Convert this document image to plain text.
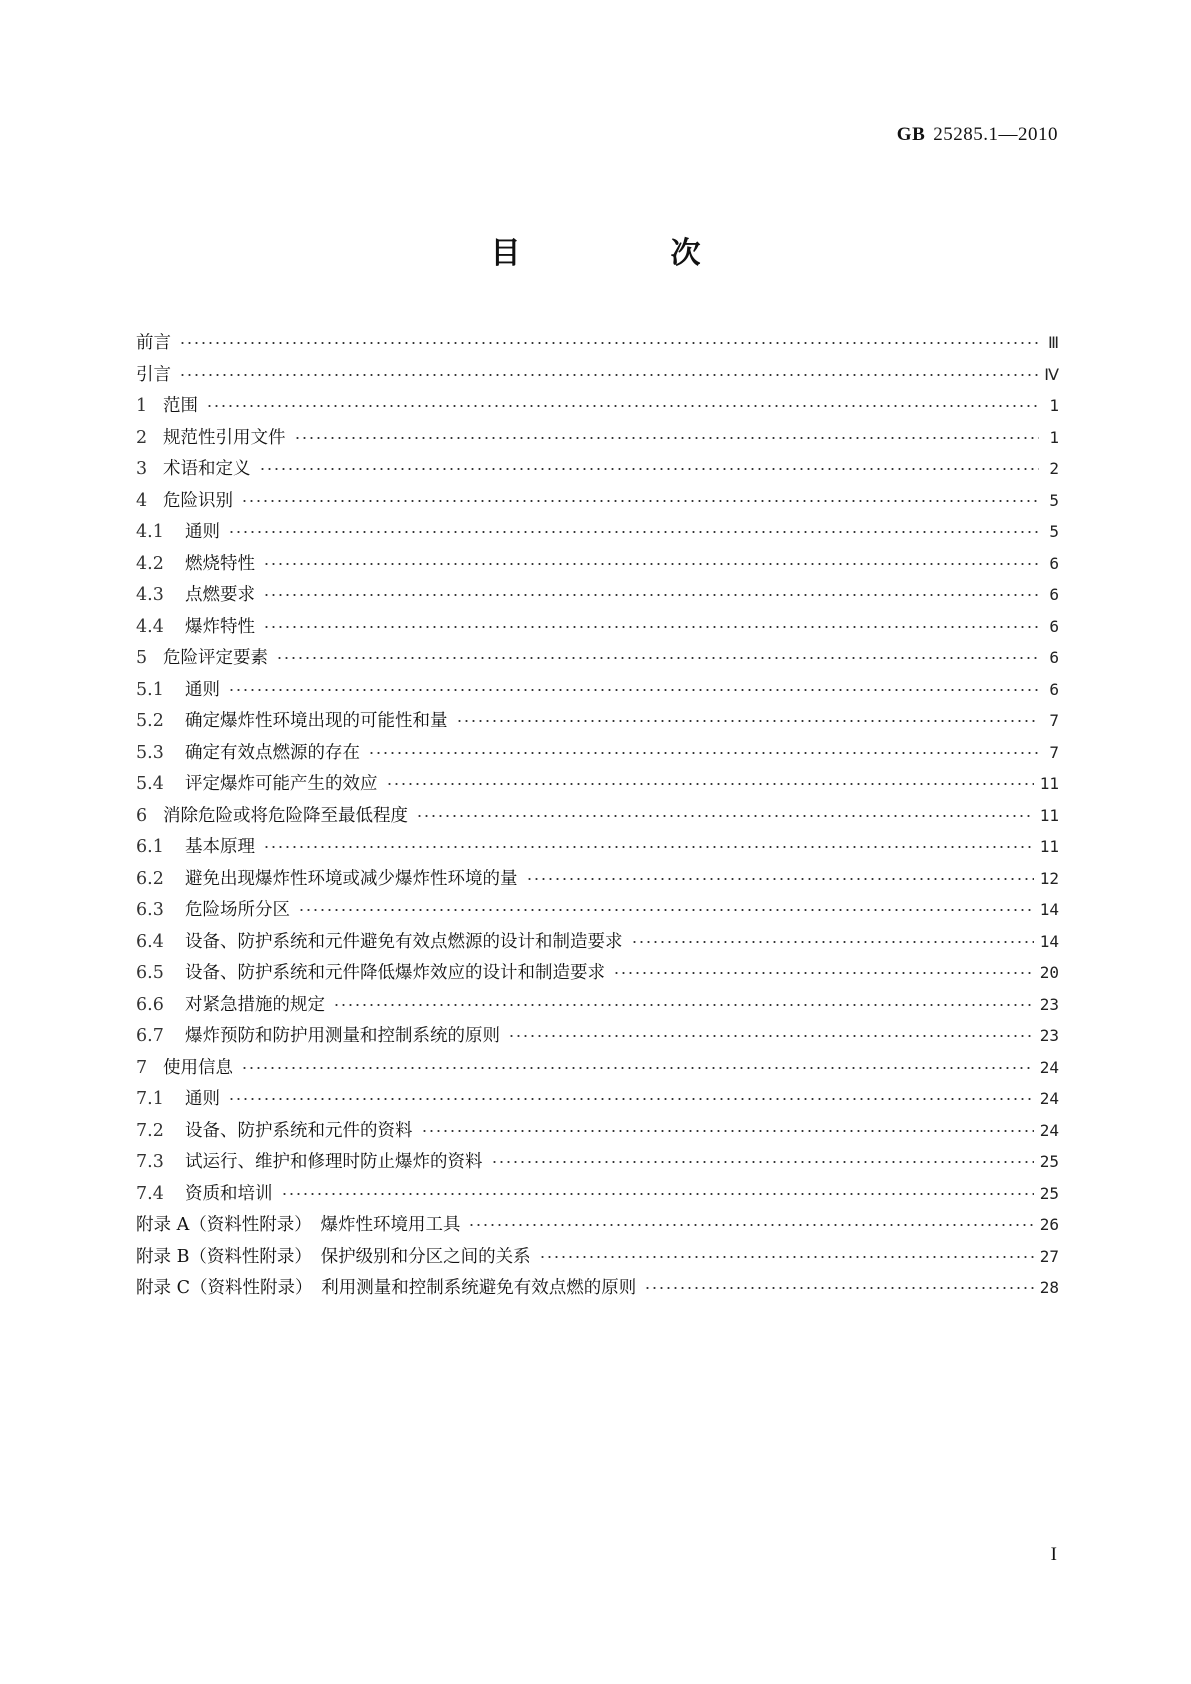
GB 25285.1—2010
目　次
前言	Ⅲ
引言	Ⅳ
1 范围	1
2 规范性引用文件	1
3 术语和定义	2
4 危险识别	5
4.1	通则	5
4.2	燃烧特性	6
4.3	点燃要求	6
4.4	爆炸特性	6
5 危险评定要素	6
5.1	通则	6
5.2	确定爆炸性环境出现的可能性和量	7
5.3	确定有效点燃源的存在	7
5.4	评定爆炸可能产生的效应	11
6 消除危险或将危险降至最低程度	11
6.1	基本原理	11
6.2	避免出现爆炸性环境或减少爆炸性环境的量	12
6.3	危险场所分区	14
6.4	设备、防护系统和元件避免有效点燃源的设计和制造要求	14
6.5	设备、防护系统和元件降低爆炸效应的设计和制造要求	20
6.6	对紧急措施的规定	23
6.7	爆炸预防和防护用测量和控制系统的原则	23
7 使用信息	24
7.1	通则	24
7.2	设备、防护系统和元件的资料	24
7.3	试运行、维护和修理时防止爆炸的资料	25
7.4	资质和培训	25
附录 A（资料性附录）　爆炸性环境用工具	26
附录 B（资料性附录）　保护级别和分区之间的关系	27
附录 C（资料性附录）　利用测量和控制系统避免有效点燃的原则	28
I
